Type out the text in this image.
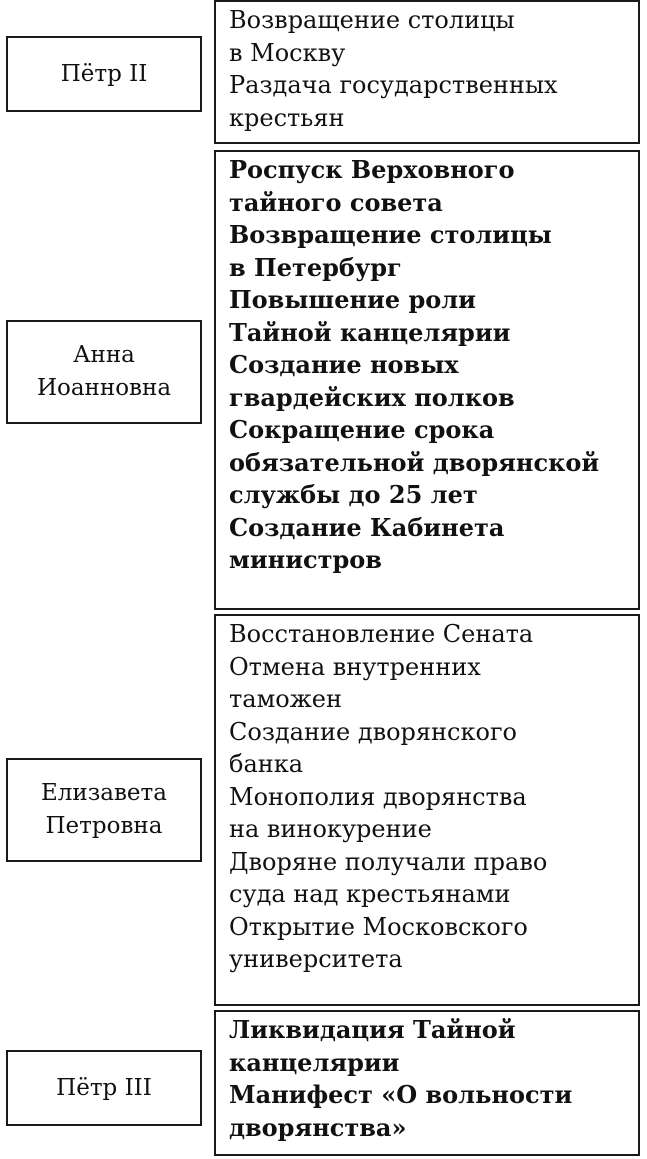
Пётр II
Возвращение столицы
в Москву
Раздача государственных
крестьян
Анна
Иоанновна
Роспуск Верховного
тайного совета
Возвращение столицы
в Петербург
Повышение роли
Тайной канцелярии
Создание новых
гвардейских полков
Сокращение срока
обязательной дворянской
службы до 25 лет
Создание Кабинета
министров
Елизавета
Петровна
Восстановление Сената
Отмена внутренних
таможен
Создание дворянского
банка
Монополия дворянства
на винокурение
Дворяне получали право
суда над крестьянами
Открытие Московского
университета
Пётр III
Ликвидация Тайной
канцелярии
Манифест «О вольности
дворянства»
